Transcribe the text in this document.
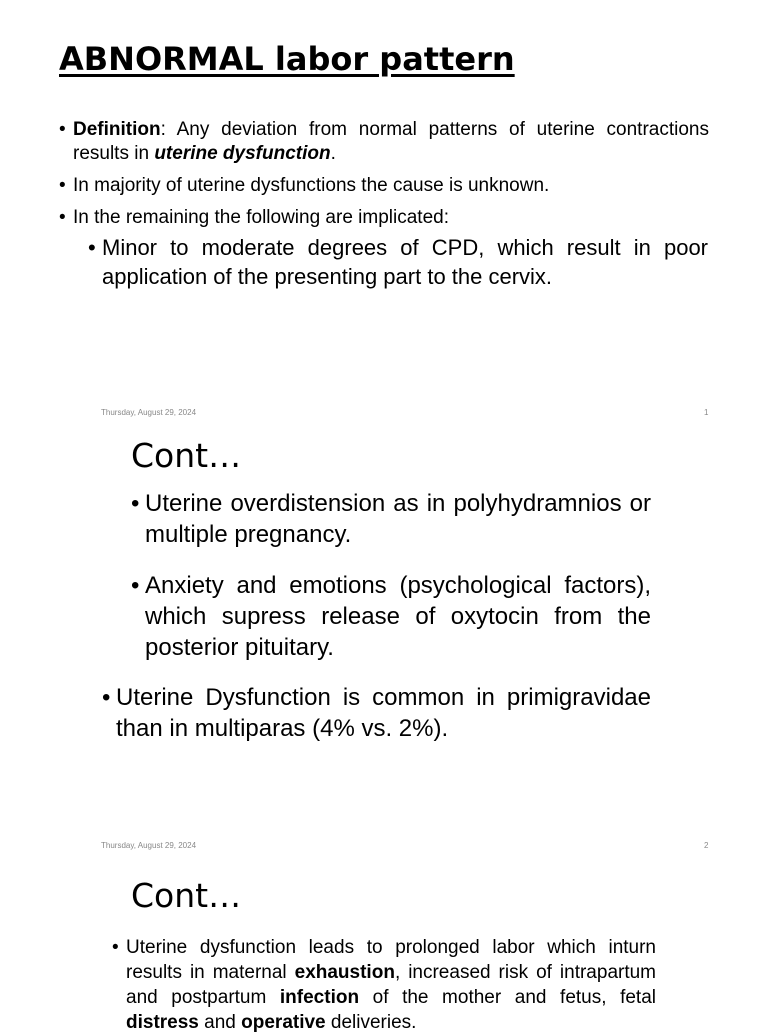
ABNORMAL labor pattern
• Definition: Any deviation from normal patterns of uterine contractions results in uterine dysfunction.
• In majority of uterine dysfunctions the cause is unknown.
• In the remaining the following are implicated:
• Minor to moderate degrees of CPD, which result in poor application of the presenting part to the cervix.
Thursday, August 29, 2024	1
Cont…
• Uterine overdistension as in polyhydramnios or multiple pregnancy.
• Anxiety and emotions (psychological factors), which supress release of oxytocin from the posterior pituitary.
• Uterine Dysfunction is common in primigravidae than in multiparas (4% vs. 2%).
Thursday, August 29, 2024	2
Cont…
• Uterine dysfunction leads to prolonged labor which inturn results in maternal exhaustion, increased risk of intrapartum and postpartum infection of the mother and fetus, fetal distress and operative deliveries.
